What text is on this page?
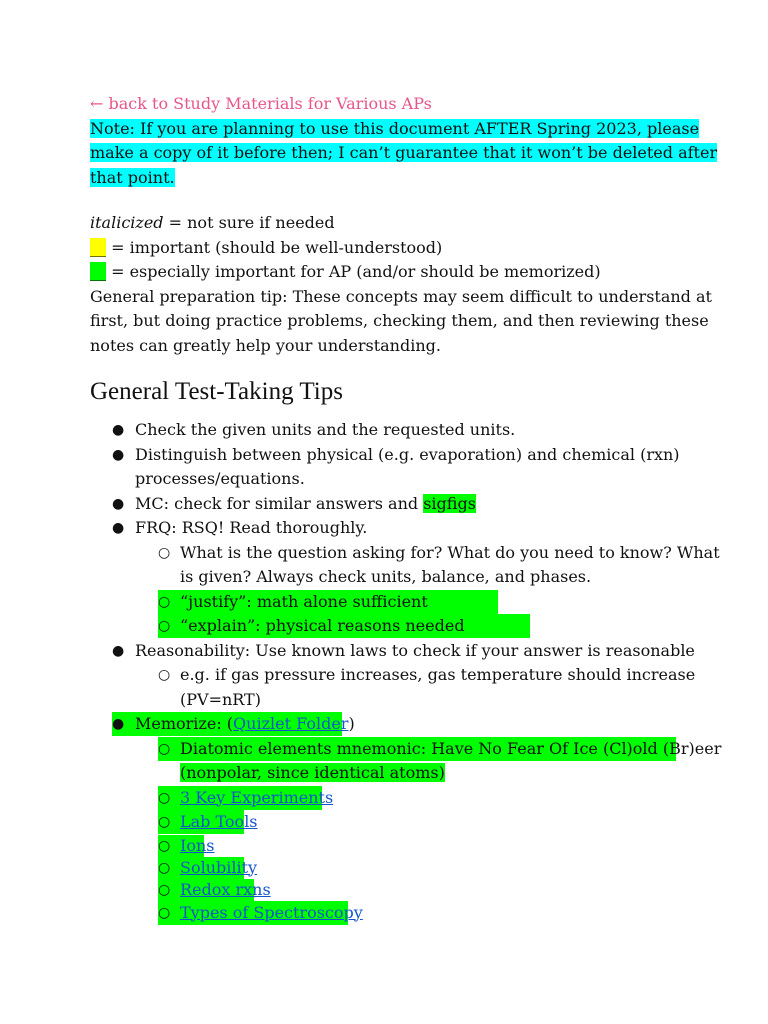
← back to Study Materials for Various APs
Note: If you are planning to use this document AFTER Spring 2023, please
make a copy of it before then; I can’t guarantee that it won’t be deleted after
that point.
italicized = not sure if needed
__ = important (should be well-understood)
__ = especially important for AP (and/or should be memorized)
General preparation tip: These concepts may seem difficult to understand at
first, but doing practice problems, checking them, and then reviewing these
notes can greatly help your understanding.
General Test-Taking Tips
● Check the given units and the requested units.
● Distinguish between physical (e.g. evaporation) and chemical (rxn)
processes/equations.
● MC: check for similar answers and sigfigs
● FRQ: RSQ! Read thoroughly.
○ What is the question asking for? What do you need to know? What
is given? Always check units, balance, and phases.
○ “justify”: math alone sufficient
○ “explain”: physical reasons needed
● Reasonability: Use known laws to check if your answer is reasonable
○ e.g. if gas pressure increases, gas temperature should increase
(PV=nRT)
● Memorize: (Quizlet Folder)
○ Diatomic elements mnemonic: Have No Fear Of Ice (Cl)old (Br)eer
(nonpolar, since identical atoms)
○ 3 Key Experiments
○ Lab Tools
○ Ions
○ Solubility
○ Redox rxns
○ Types of Spectroscopy
